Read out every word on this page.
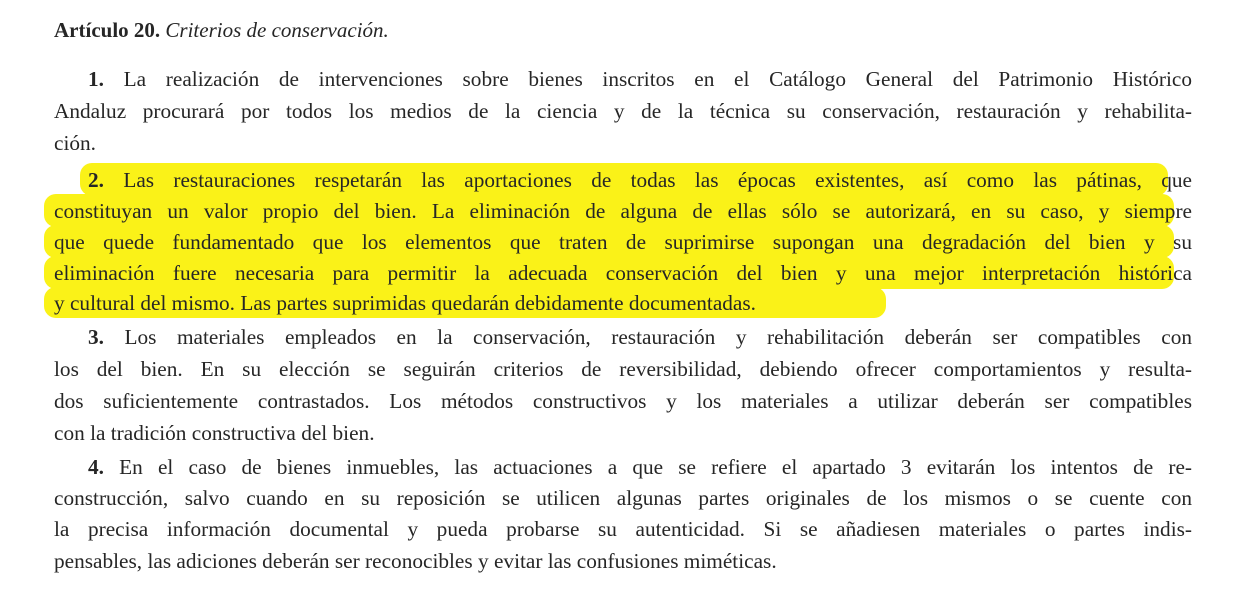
Artículo 20. Criterios de conservación.
1. La realización de intervenciones sobre bienes inscritos en el Catálogo General del Patrimonio Histórico
Andaluz procurará por todos los medios de la ciencia y de la técnica su conservación, restauración y rehabilita-
ción.
2. Las restauraciones respetarán las aportaciones de todas las épocas existentes, así como las pátinas, que
constituyan un valor propio del bien. La eliminación de alguna de ellas sólo se autorizará, en su caso, y siempre
que quede fundamentado que los elementos que traten de suprimirse supongan una degradación del bien y su
eliminación fuere necesaria para permitir la adecuada conservación del bien y una mejor interpretación histórica
y cultural del mismo. Las partes suprimidas quedarán debidamente documentadas.
3. Los materiales empleados en la conservación, restauración y rehabilitación deberán ser compatibles con
los del bien. En su elección se seguirán criterios de reversibilidad, debiendo ofrecer comportamientos y resulta-
dos suficientemente contrastados. Los métodos constructivos y los materiales a utilizar deberán ser compatibles
con la tradición constructiva del bien.
4. En el caso de bienes inmuebles, las actuaciones a que se refiere el apartado 3 evitarán los intentos de re-
construcción, salvo cuando en su reposición se utilicen algunas partes originales de los mismos o se cuente con
la precisa información documental y pueda probarse su autenticidad. Si se añadiesen materiales o partes indis-
pensables, las adiciones deberán ser reconocibles y evitar las confusiones miméticas.
